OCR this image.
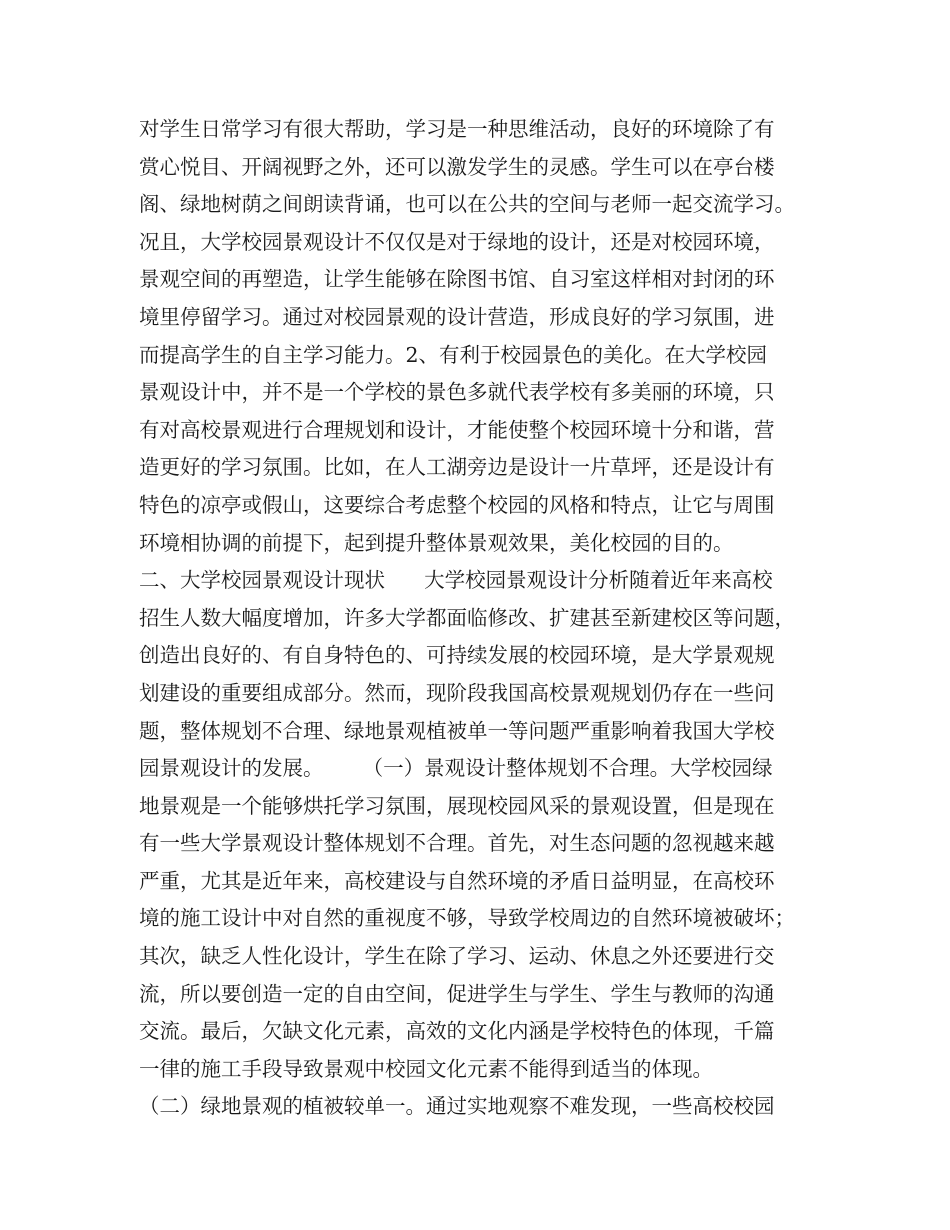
对学生日常学习有很大帮助，学习是一种思维活动，良好的环境除了有
赏心悦目、开阔视野之外，还可以激发学生的灵感。学生可以在亭台楼
阁、绿地树荫之间朗读背诵，也可以在公共的空间与老师一起交流学习。
况且，大学校园景观设计不仅仅是对于绿地的设计，还是对校园环境，
景观空间的再塑造，让学生能够在除图书馆、自习室这样相对封闭的环
境里停留学习。通过对校园景观的设计营造，形成良好的学习氛围，进
而提高学生的自主学习能力。2、有利于校园景色的美化。在大学校园
景观设计中，并不是一个学校的景色多就代表学校有多美丽的环境，只
有对高校景观进行合理规划和设计，才能使整个校园环境十分和谐，营
造更好的学习氛围。比如，在人工湖旁边是设计一片草坪，还是设计有
特色的凉亭或假山，这要综合考虑整个校园的风格和特点，让它与周围
环境相协调的前提下，起到提升整体景观效果，美化校园的目的。
二、大学校园景观设计现状      大学校园景观设计分析随着近年来高校
招生人数大幅度增加，许多大学都面临修改、扩建甚至新建校区等问题，
创造出良好的、有自身特色的、可持续发展的校园环境，是大学景观规
划建设的重要组成部分。然而，现阶段我国高校景观规划仍存在一些问
题，整体规划不合理、绿地景观植被单一等问题严重影响着我国大学校
园景观设计的发展。      （一）景观设计整体规划不合理。大学校园绿
地景观是一个能够烘托学习氛围，展现校园风采的景观设置，但是现在
有一些大学景观设计整体规划不合理。首先，对生态问题的忽视越来越
严重，尤其是近年来，高校建设与自然环境的矛盾日益明显，在高校环
境的施工设计中对自然的重视度不够，导致学校周边的自然环境被破坏；
其次，缺乏人性化设计，学生在除了学习、运动、休息之外还要进行交
流，所以要创造一定的自由空间，促进学生与学生、学生与教师的沟通
交流。最后，欠缺文化元素，高效的文化内涵是学校特色的体现，千篇
一律的施工手段导致景观中校园文化元素不能得到适当的体现。
（二）绿地景观的植被较单一。通过实地观察不难发现，一些高校校园
